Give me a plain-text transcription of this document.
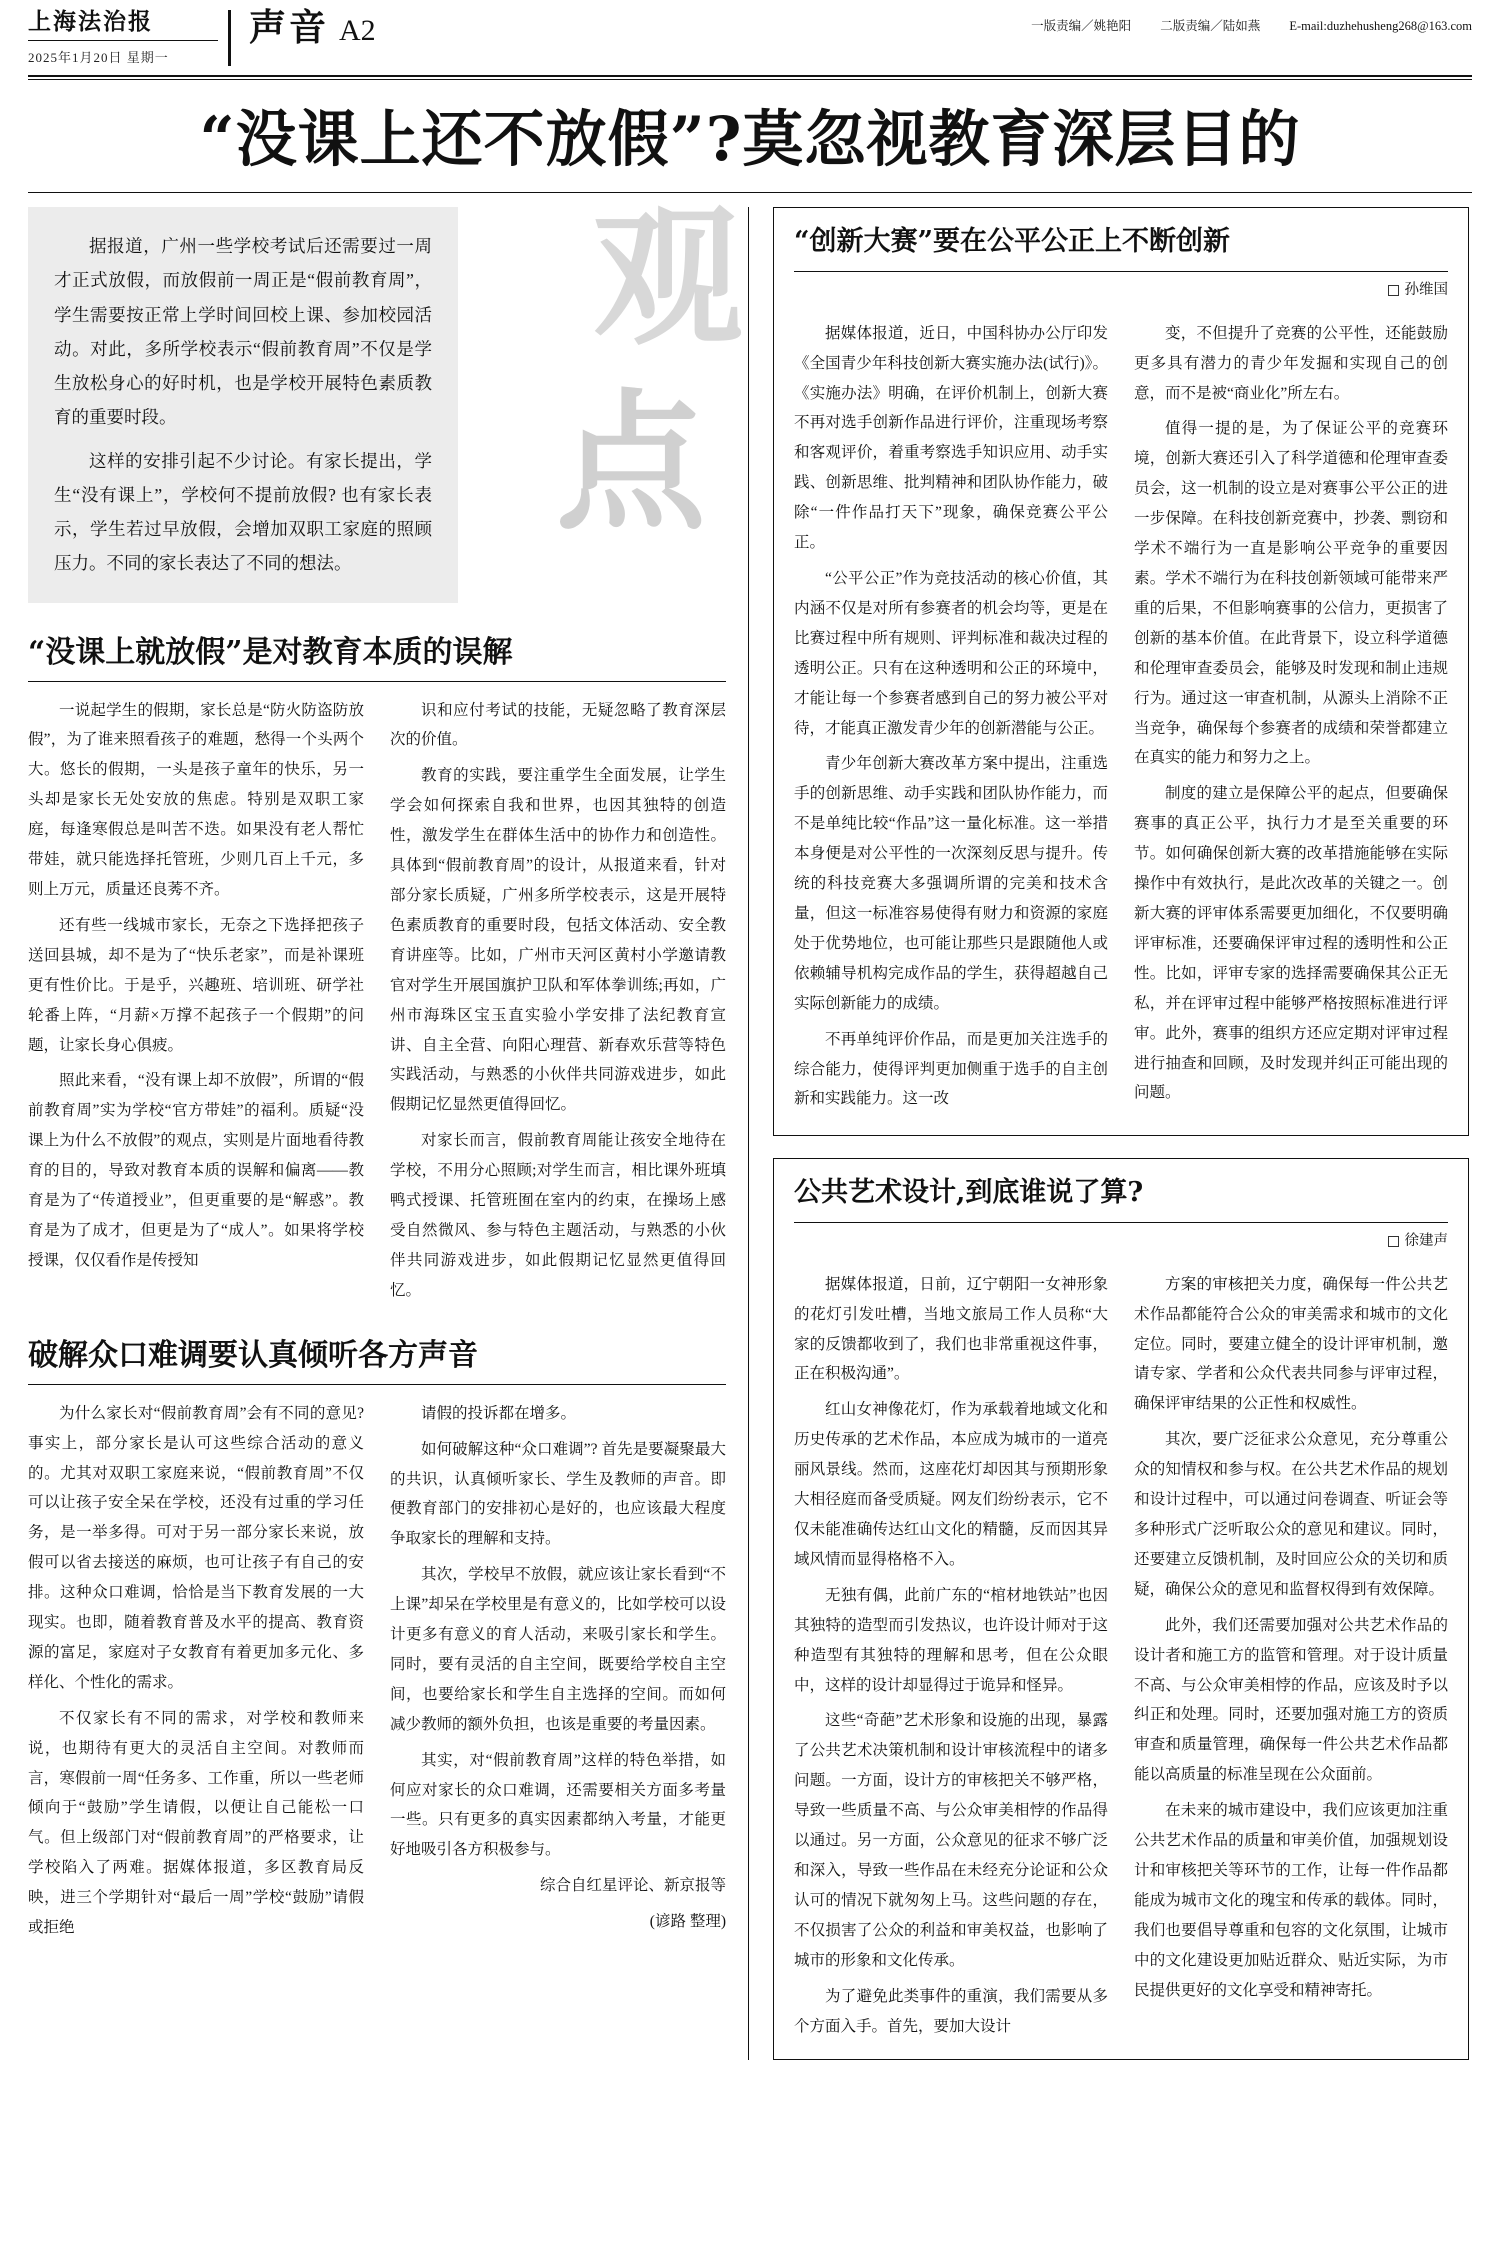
上海法治报
2025年1月20日 星期一
声音 A2	一版责编／姚艳阳 二版责编／陆如燕 E-mail:duzhehusheng268@163.com
“没课上还不放假”?莫忽视教育深层目的
观
点

据报道，广州一些学校考试后还需要过一周才正式放假，而放假前一周正是“假前教育周”，学生需要按正常上学时间回校上课、参加校园活动。对此，多所学校表示“假前教育周”不仅是学生放松身心的好时机，也是学校开展特色素质教育的重要时段。

这样的安排引起不少讨论。有家长提出，学生“没有课上”，学校何不提前放假? 也有家长表示，学生若过早放假，会增加双职工家庭的照顾压力。不同的家长表达了不同的想法。

“没课上就放假”是对教育本质的误解

一说起学生的假期，家长总是“防火防盗防放假”，为了谁来照看孩子的难题，愁得一个头两个大。悠长的假期，一头是孩子童年的快乐，另一头却是家长无处安放的焦虑。特别是双职工家庭，每逢寒假总是叫苦不迭。如果没有老人帮忙带娃，就只能选择托管班，少则几百上千元，多则上万元，质量还良莠不齐。

还有些一线城市家长，无奈之下选择把孩子送回县城，却不是为了“快乐老家”，而是补课班更有性价比。于是乎，兴趣班、培训班、研学社轮番上阵，“月薪×万撑不起孩子一个假期”的问题，让家长身心俱疲。

照此来看，“没有课上却不放假”，所谓的“假前教育周”实为学校“官方带娃”的福利。质疑“没课上为什么不放假”的观点，实则是片面地看待教育的目的，导致对教育本质的误解和偏离——教育是为了“传道授业”，但更重要的是“解惑”。教育是为了成才，但更是为了“成人”。如果将学校授课，仅仅看作是传授知

识和应付考试的技能，无疑忽略了教育深层次的价值。

教育的实践，要注重学生全面发展，让学生学会如何探索自我和世界，也因其独特的创造性，激发学生在群体生活中的协作力和创造性。具体到“假前教育周”的设计，从报道来看，针对部分家长质疑，广州多所学校表示，这是开展特色素质教育的重要时段，包括文体活动、安全教育讲座等。比如，广州市天河区黄村小学邀请教官对学生开展国旗护卫队和军体拳训练;再如，广州市海珠区宝玉直实验小学安排了法纪教育宣讲、自主全营、向阳心理营、新春欢乐营等特色实践活动，与熟悉的小伙伴共同游戏进步，如此假期记忆显然更值得回忆。

对家长而言，假前教育周能让孩安全地待在学校，不用分心照顾;对学生而言，相比课外班填鸭式授课、托管班囿在室内的约束，在操场上感受自然微风、参与特色主题活动，与熟悉的小伙伴共同游戏进步，如此假期记忆显然更值得回忆。

破解众口难调要认真倾听各方声音

为什么家长对“假前教育周”会有不同的意见? 事实上，部分家长是认可这些综合活动的意义的。尤其对双职工家庭来说，“假前教育周”不仅可以让孩子安全呆在学校，还没有过重的学习任务，是一举多得。可对于另一部分家长来说，放假可以省去接送的麻烦，也可让孩子有自己的安排。这种众口难调，恰恰是当下教育发展的一大现实。也即，随着教育普及水平的提高、教育资源的富足，家庭对子女教育有着更加多元化、多样化、个性化的需求。

不仅家长有不同的需求，对学校和教师来说，也期待有更大的灵活自主空间。对教师而言，寒假前一周“任务多、工作重，所以一些老师倾向于“鼓励”学生请假，以便让自己能松一口气。但上级部门对“假前教育周”的严格要求，让学校陷入了两难。据媒体报道，多区教育局反映，进三个学期针对“最后一周”学校“鼓励”请假或拒绝

请假的投诉都在增多。

如何破解这种“众口难调”? 首先是要凝聚最大的共识，认真倾听家长、学生及教师的声音。即便教育部门的安排初心是好的，也应该最大程度争取家长的理解和支持。

其次，学校早不放假，就应该让家长看到“不上课”却呆在学校里是有意义的，比如学校可以设计更多有意义的育人活动，来吸引家长和学生。同时，要有灵活的自主空间，既要给学校自主空间，也要给家长和学生自主选择的空间。而如何减少教师的额外负担，也该是重要的考量因素。

其实，对“假前教育周”这样的特色举措，如何应对家长的众口难调，还需要相关方面多考量一些。只有更多的真实因素都纳入考量，才能更好地吸引各方积极参与。

综合自红星评论、新京报等

(谚路 整理)

“创新大赛”要在公平公正上不断创新
孙维国

据媒体报道，近日，中国科协办公厅印发《全国青少年科技创新大赛实施办法(试行)》。《实施办法》明确，在评价机制上，创新大赛不再对选手创新作品进行评价，注重现场考察和客观评价，着重考察选手知识应用、动手实践、创新思维、批判精神和团队协作能力，破除“一件作品打天下”现象，确保竞赛公平公正。

“公平公正”作为竞技活动的核心价值，其内涵不仅是对所有参赛者的机会均等，更是在比赛过程中所有规则、评判标准和裁决过程的透明公正。只有在这种透明和公正的环境中，才能让每一个参赛者感到自己的努力被公平对待，才能真正激发青少年的创新潜能与公正。

青少年创新大赛改革方案中提出，注重选手的创新思维、动手实践和团队协作能力，而不是单纯比较“作品”这一量化标准。这一举措本身便是对公平性的一次深刻反思与提升。传统的科技竞赛大多强调所谓的完美和技术含量，但这一标准容易使得有财力和资源的家庭处于优势地位，也可能让那些只是跟随他人或依赖辅导机构完成作品的学生，获得超越自己实际创新能力的成绩。

不再单纯评价作品，而是更加关注选手的综合能力，使得评判更加侧重于选手的自主创新和实践能力。这一改

变，不但提升了竞赛的公平性，还能鼓励更多具有潜力的青少年发掘和实现自己的创意，而不是被“商业化”所左右。

值得一提的是，为了保证公平的竞赛环境，创新大赛还引入了科学道德和伦理审查委员会，这一机制的设立是对赛事公平公正的进一步保障。在科技创新竞赛中，抄袭、剽窃和学术不端行为一直是影响公平竞争的重要因素。学术不端行为在科技创新领域可能带来严重的后果，不但影响赛事的公信力，更损害了创新的基本价值。在此背景下，设立科学道德和伦理审查委员会，能够及时发现和制止违规行为。通过这一审查机制，从源头上消除不正当竞争，确保每个参赛者的成绩和荣誉都建立在真实的能力和努力之上。

制度的建立是保障公平的起点，但要确保赛事的真正公平，执行力才是至关重要的环节。如何确保创新大赛的改革措施能够在实际操作中有效执行，是此次改革的关键之一。创新大赛的评审体系需要更加细化，不仅要明确评审标准，还要确保评审过程的透明性和公正性。比如，评审专家的选择需要确保其公正无私，并在评审过程中能够严格按照标准进行评审。此外，赛事的组织方还应定期对评审过程进行抽查和回顾，及时发现并纠正可能出现的问题。

公共艺术设计,到底谁说了算?
徐建声

据媒体报道，日前，辽宁朝阳一女神形象的花灯引发吐槽，当地文旅局工作人员称“大家的反馈都收到了，我们也非常重视这件事，正在积极沟通”。

红山女神像花灯，作为承载着地域文化和历史传承的艺术作品，本应成为城市的一道亮丽风景线。然而，这座花灯却因其与预期形象大相径庭而备受质疑。网友们纷纷表示，它不仅未能准确传达红山文化的精髓，反而因其异域风情而显得格格不入。

无独有偶，此前广东的“棺材地铁站”也因其独特的造型而引发热议，也许设计师对于这种造型有其独特的理解和思考，但在公众眼中，这样的设计却显得过于诡异和怪异。

这些“奇葩”艺术形象和设施的出现，暴露了公共艺术决策机制和设计审核流程中的诸多问题。一方面，设计方的审核把关不够严格，导致一些质量不高、与公众审美相悖的作品得以通过。另一方面，公众意见的征求不够广泛和深入，导致一些作品在未经充分论证和公众认可的情况下就匆匆上马。这些问题的存在，不仅损害了公众的利益和审美权益，也影响了城市的形象和文化传承。

为了避免此类事件的重演，我们需要从多个方面入手。首先，要加大设计

方案的审核把关力度，确保每一件公共艺术作品都能符合公众的审美需求和城市的文化定位。同时，要建立健全的设计评审机制，邀请专家、学者和公众代表共同参与评审过程，确保评审结果的公正性和权威性。

其次，要广泛征求公众意见，充分尊重公众的知情权和参与权。在公共艺术作品的规划和设计过程中，可以通过问卷调查、听证会等多种形式广泛听取公众的意见和建议。同时，还要建立反馈机制，及时回应公众的关切和质疑，确保公众的意见和监督权得到有效保障。

此外，我们还需要加强对公共艺术作品的设计者和施工方的监管和管理。对于设计质量不高、与公众审美相悖的作品，应该及时予以纠正和处理。同时，还要加强对施工方的资质审查和质量管理，确保每一件公共艺术作品都能以高质量的标准呈现在公众面前。

在未来的城市建设中，我们应该更加注重公共艺术作品的质量和审美价值，加强规划设计和审核把关等环节的工作，让每一件作品都能成为城市文化的瑰宝和传承的载体。同时，我们也要倡导尊重和包容的文化氛围，让城市中的文化建设更加贴近群众、贴近实际，为市民提供更好的文化享受和精神寄托。
